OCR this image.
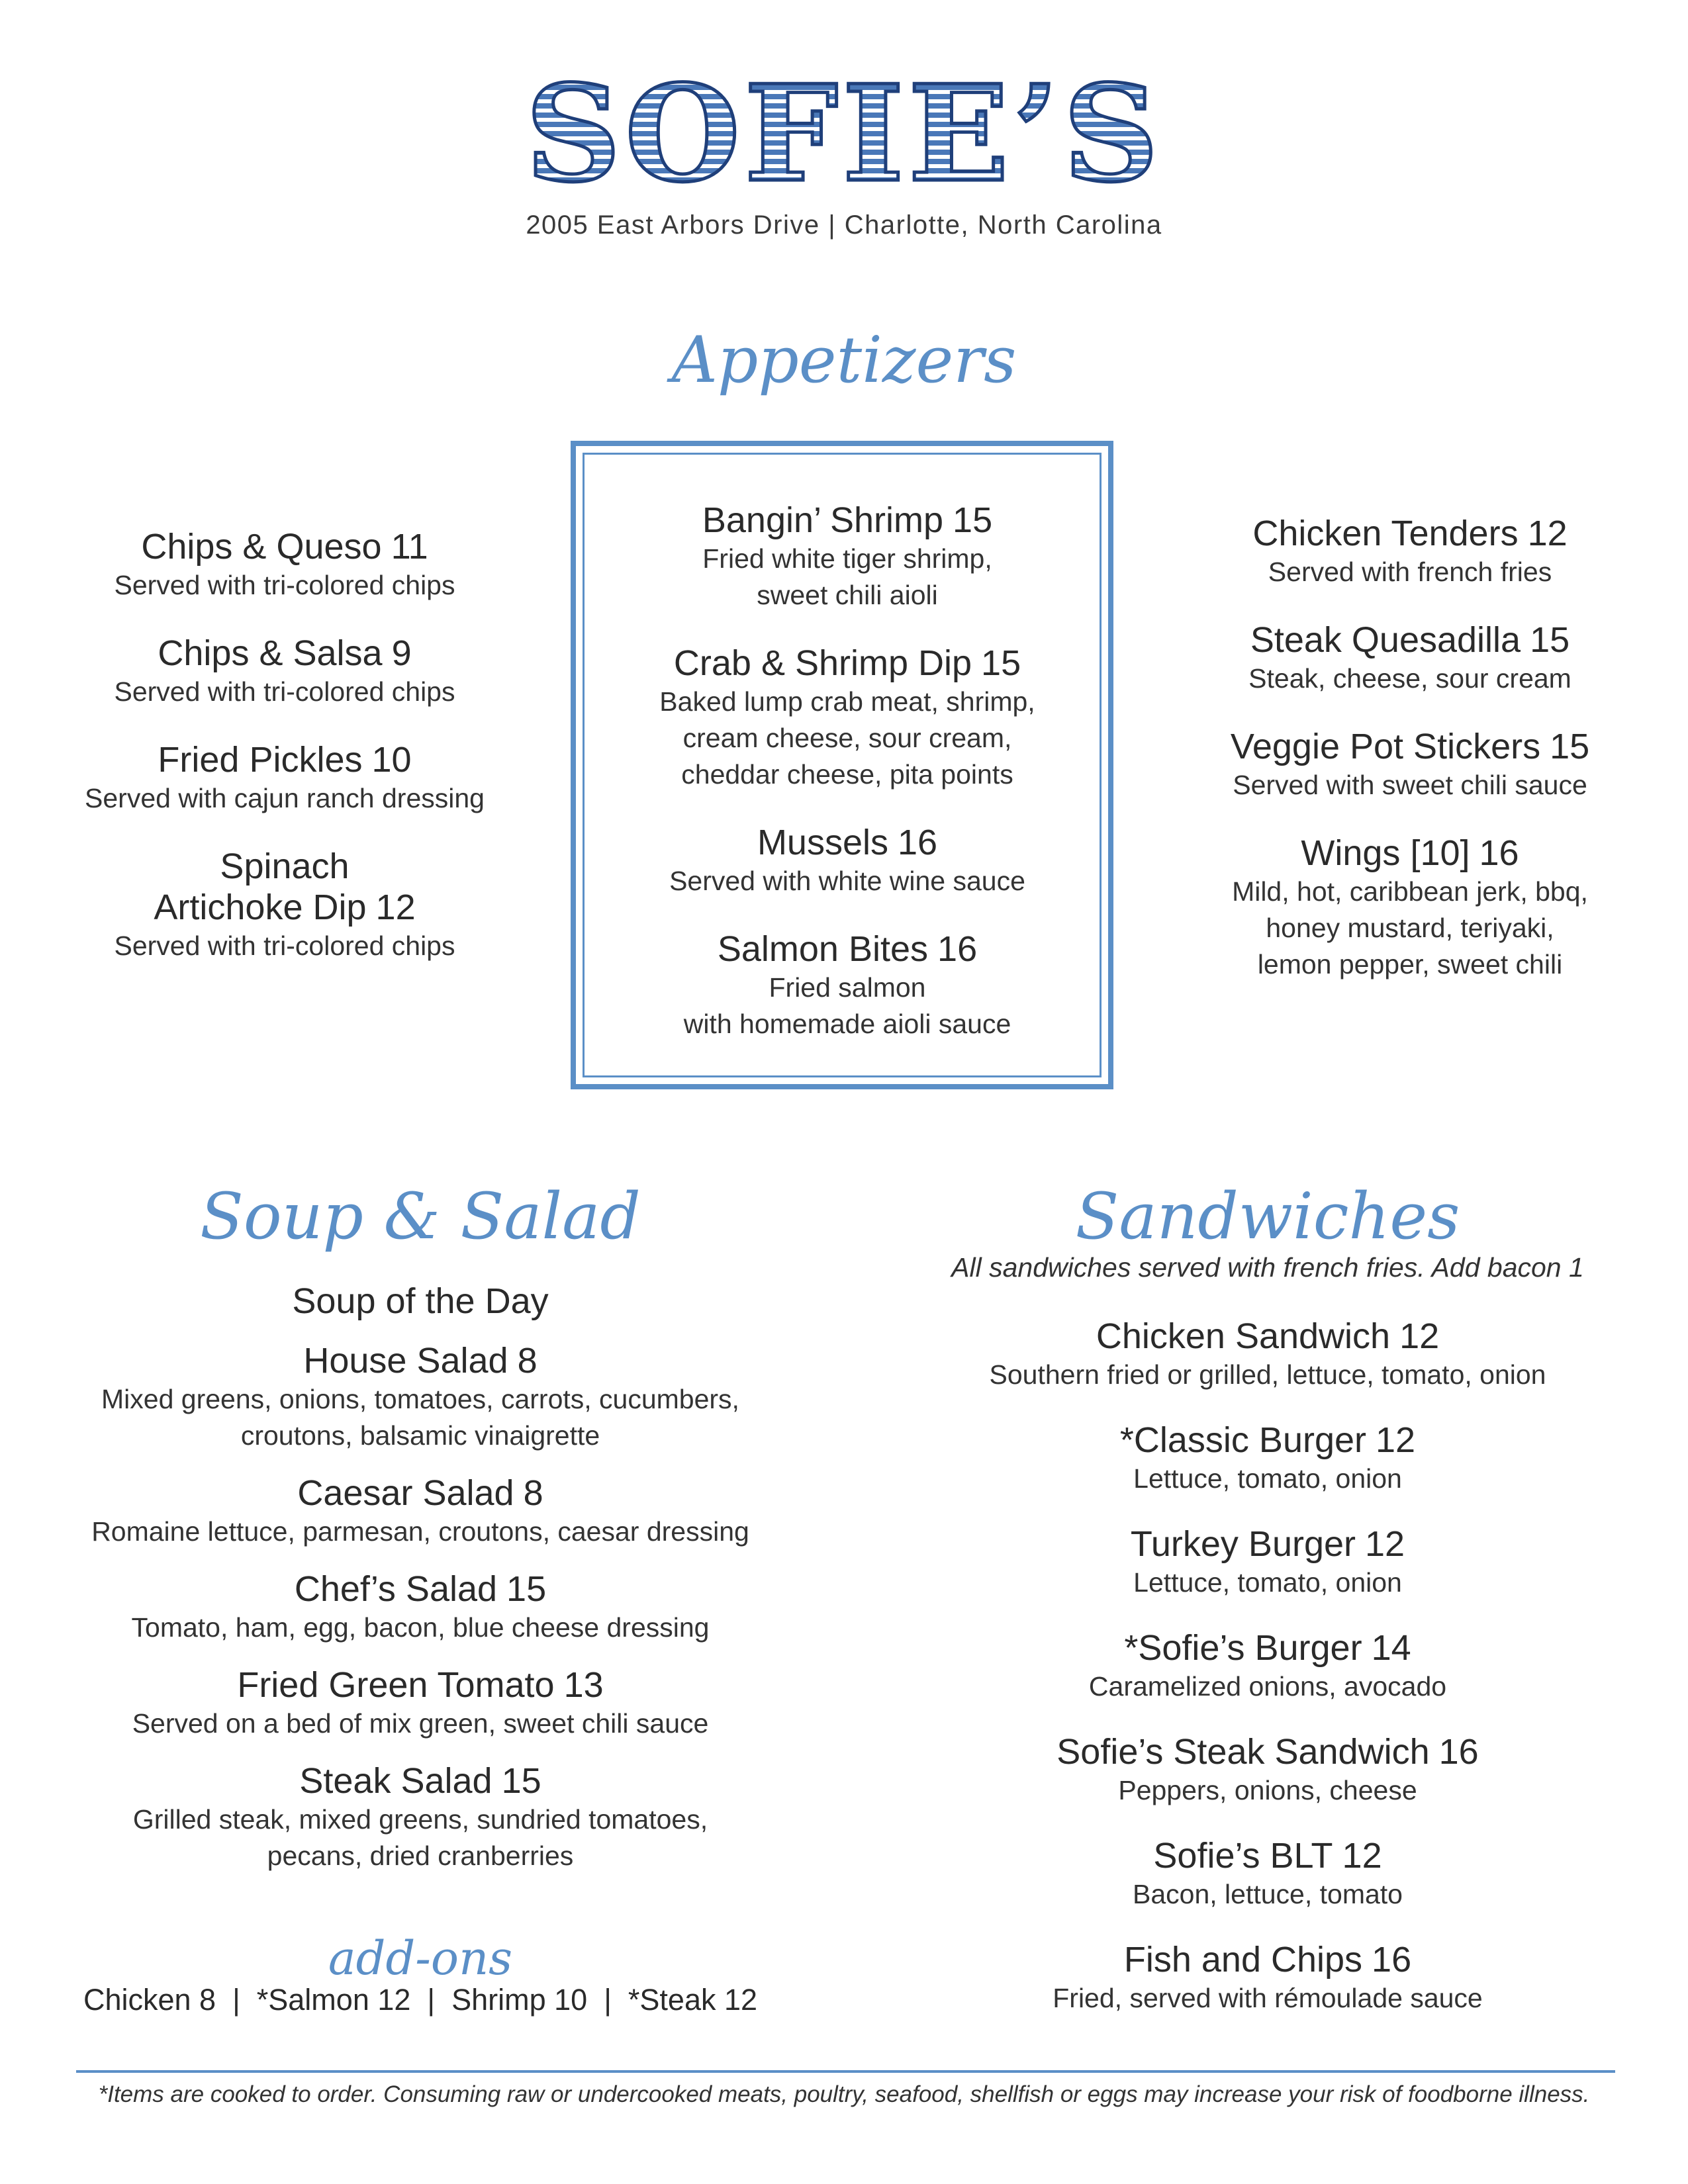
SOFIE’S
2005 East Arbors Drive | Charlotte, North Carolina
Appetizers
Chips & Queso 11
Served with tri-colored chips
Chips & Salsa 9
Served with tri-colored chips
Fried Pickles 10
Served with cajun ranch dressing
Spinach
Artichoke Dip 12
Served with tri-colored chips
Bangin’ Shrimp 15
Fried white tiger shrimp,
sweet chili aioli
Crab & Shrimp Dip 15
Baked lump crab meat, shrimp,
cream cheese, sour cream,
cheddar cheese, pita points
Mussels 16
Served with white wine sauce
Salmon Bites 16
Fried salmon
with homemade aioli sauce
Chicken Tenders 12
Served with french fries
Steak Quesadilla 15
Steak, cheese, sour cream
Veggie Pot Stickers 15
Served with sweet chili sauce
Wings [10] 16
Mild, hot, caribbean jerk, bbq,
honey mustard, teriyaki,
lemon pepper, sweet chili
Soup & Salad
Soup of the Day
House Salad 8
Mixed greens, onions, tomatoes, carrots, cucumbers,
croutons, balsamic vinaigrette
Caesar Salad 8
Romaine lettuce, parmesan, croutons, caesar dressing
Chef’s Salad 15
Tomato, ham, egg, bacon, blue cheese dressing
Fried Green Tomato 13
Served on a bed of mix green, sweet chili sauce
Steak Salad 15
Grilled steak, mixed greens, sundried tomatoes,
pecans, dried cranberries
add-ons
Chicken 8  |  *Salmon 12  |  Shrimp 10  |  *Steak 12
Sandwiches
All sandwiches served with french fries. Add bacon 1
Chicken Sandwich 12
Southern fried or grilled, lettuce, tomato, onion
*Classic Burger 12
Lettuce, tomato, onion
Turkey Burger 12
Lettuce, tomato, onion
*Sofie’s Burger 14
Caramelized onions, avocado
Sofie’s Steak Sandwich 16
Peppers, onions, cheese
Sofie’s BLT 12
Bacon, lettuce, tomato
Fish and Chips 16
Fried, served with rémoulade sauce
*Items are cooked to order. Consuming raw or undercooked meats, poultry, seafood, shellfish or eggs may increase your risk of foodborne illness.
